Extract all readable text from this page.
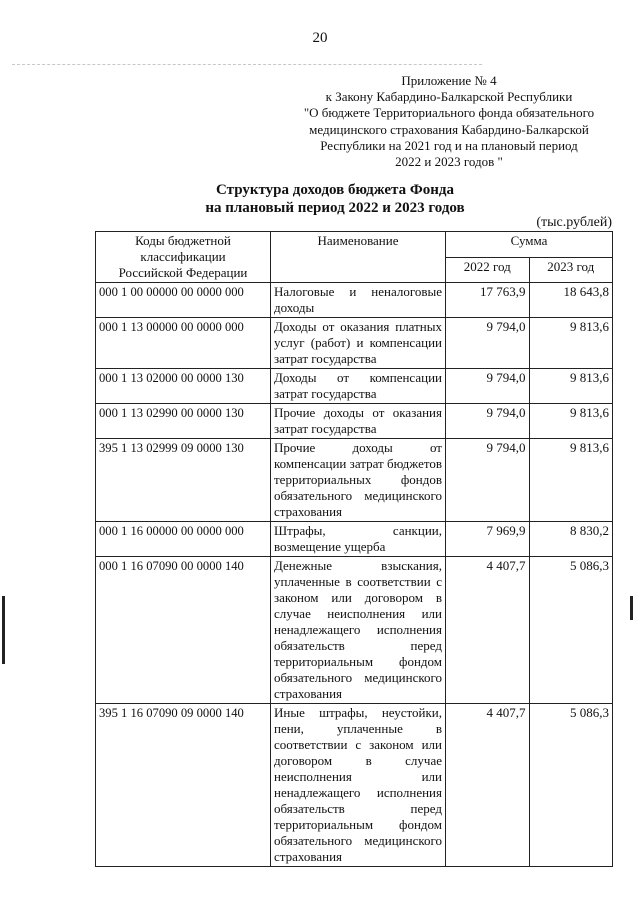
20
Приложение № 4
к Закону Кабардино-Балкарской Республики
"О бюджете Территориального фонда обязательного
медицинского страхования Кабардино-Балкарской
Республики на 2021 год и на плановый период
2022 и 2023 годов "
Структура доходов бюджета Фонда
на плановый период 2022 и 2023 годов
(тыс.рублей)
Коды бюджетной
классификации
Российской Федерации	Наименование	Сумма	
		2022 год	2023 год
000 1 00 00000 00 0000 000	Налоговые и неналоговые доходы	17 763,9	18 643,8
000 1 13 00000 00 0000 000	Доходы от оказания платных услуг (работ) и компенсации затрат государства	9 794,0	9 813,6
000 1 13 02000 00 0000 130	Доходы от компенсации затрат государства	9 794,0	9 813,6
000 1 13 02990 00 0000 130	Прочие доходы от оказания затрат государства	9 794,0	9 813,6
395 1 13 02999 09 0000 130	Прочие доходы от компенсации затрат бюджетов территориальных фондов обязательного медицинского страхования	9 794,0	9 813,6
000 1 16 00000 00 0000 000	Штрафы, санкции, возмещение ущерба	7 969,9	8 830,2
000 1 16 07090 00 0000 140	Денежные взыскания, уплаченные в соответствии с законом или договором в случае неисполнения или ненадлежащего исполнения обязательств перед территориальным фондом обязательного медицинского страхования	4 407,7	5 086,3
395 1 16 07090 09 0000 140	Иные штрафы, неустойки, пени, уплаченные в соответствии с законом или договором в случае неисполнения или ненадлежащего исполнения обязательств перед территориальным фондом обязательного медицинского страхования	4 407,7	5 086,3
